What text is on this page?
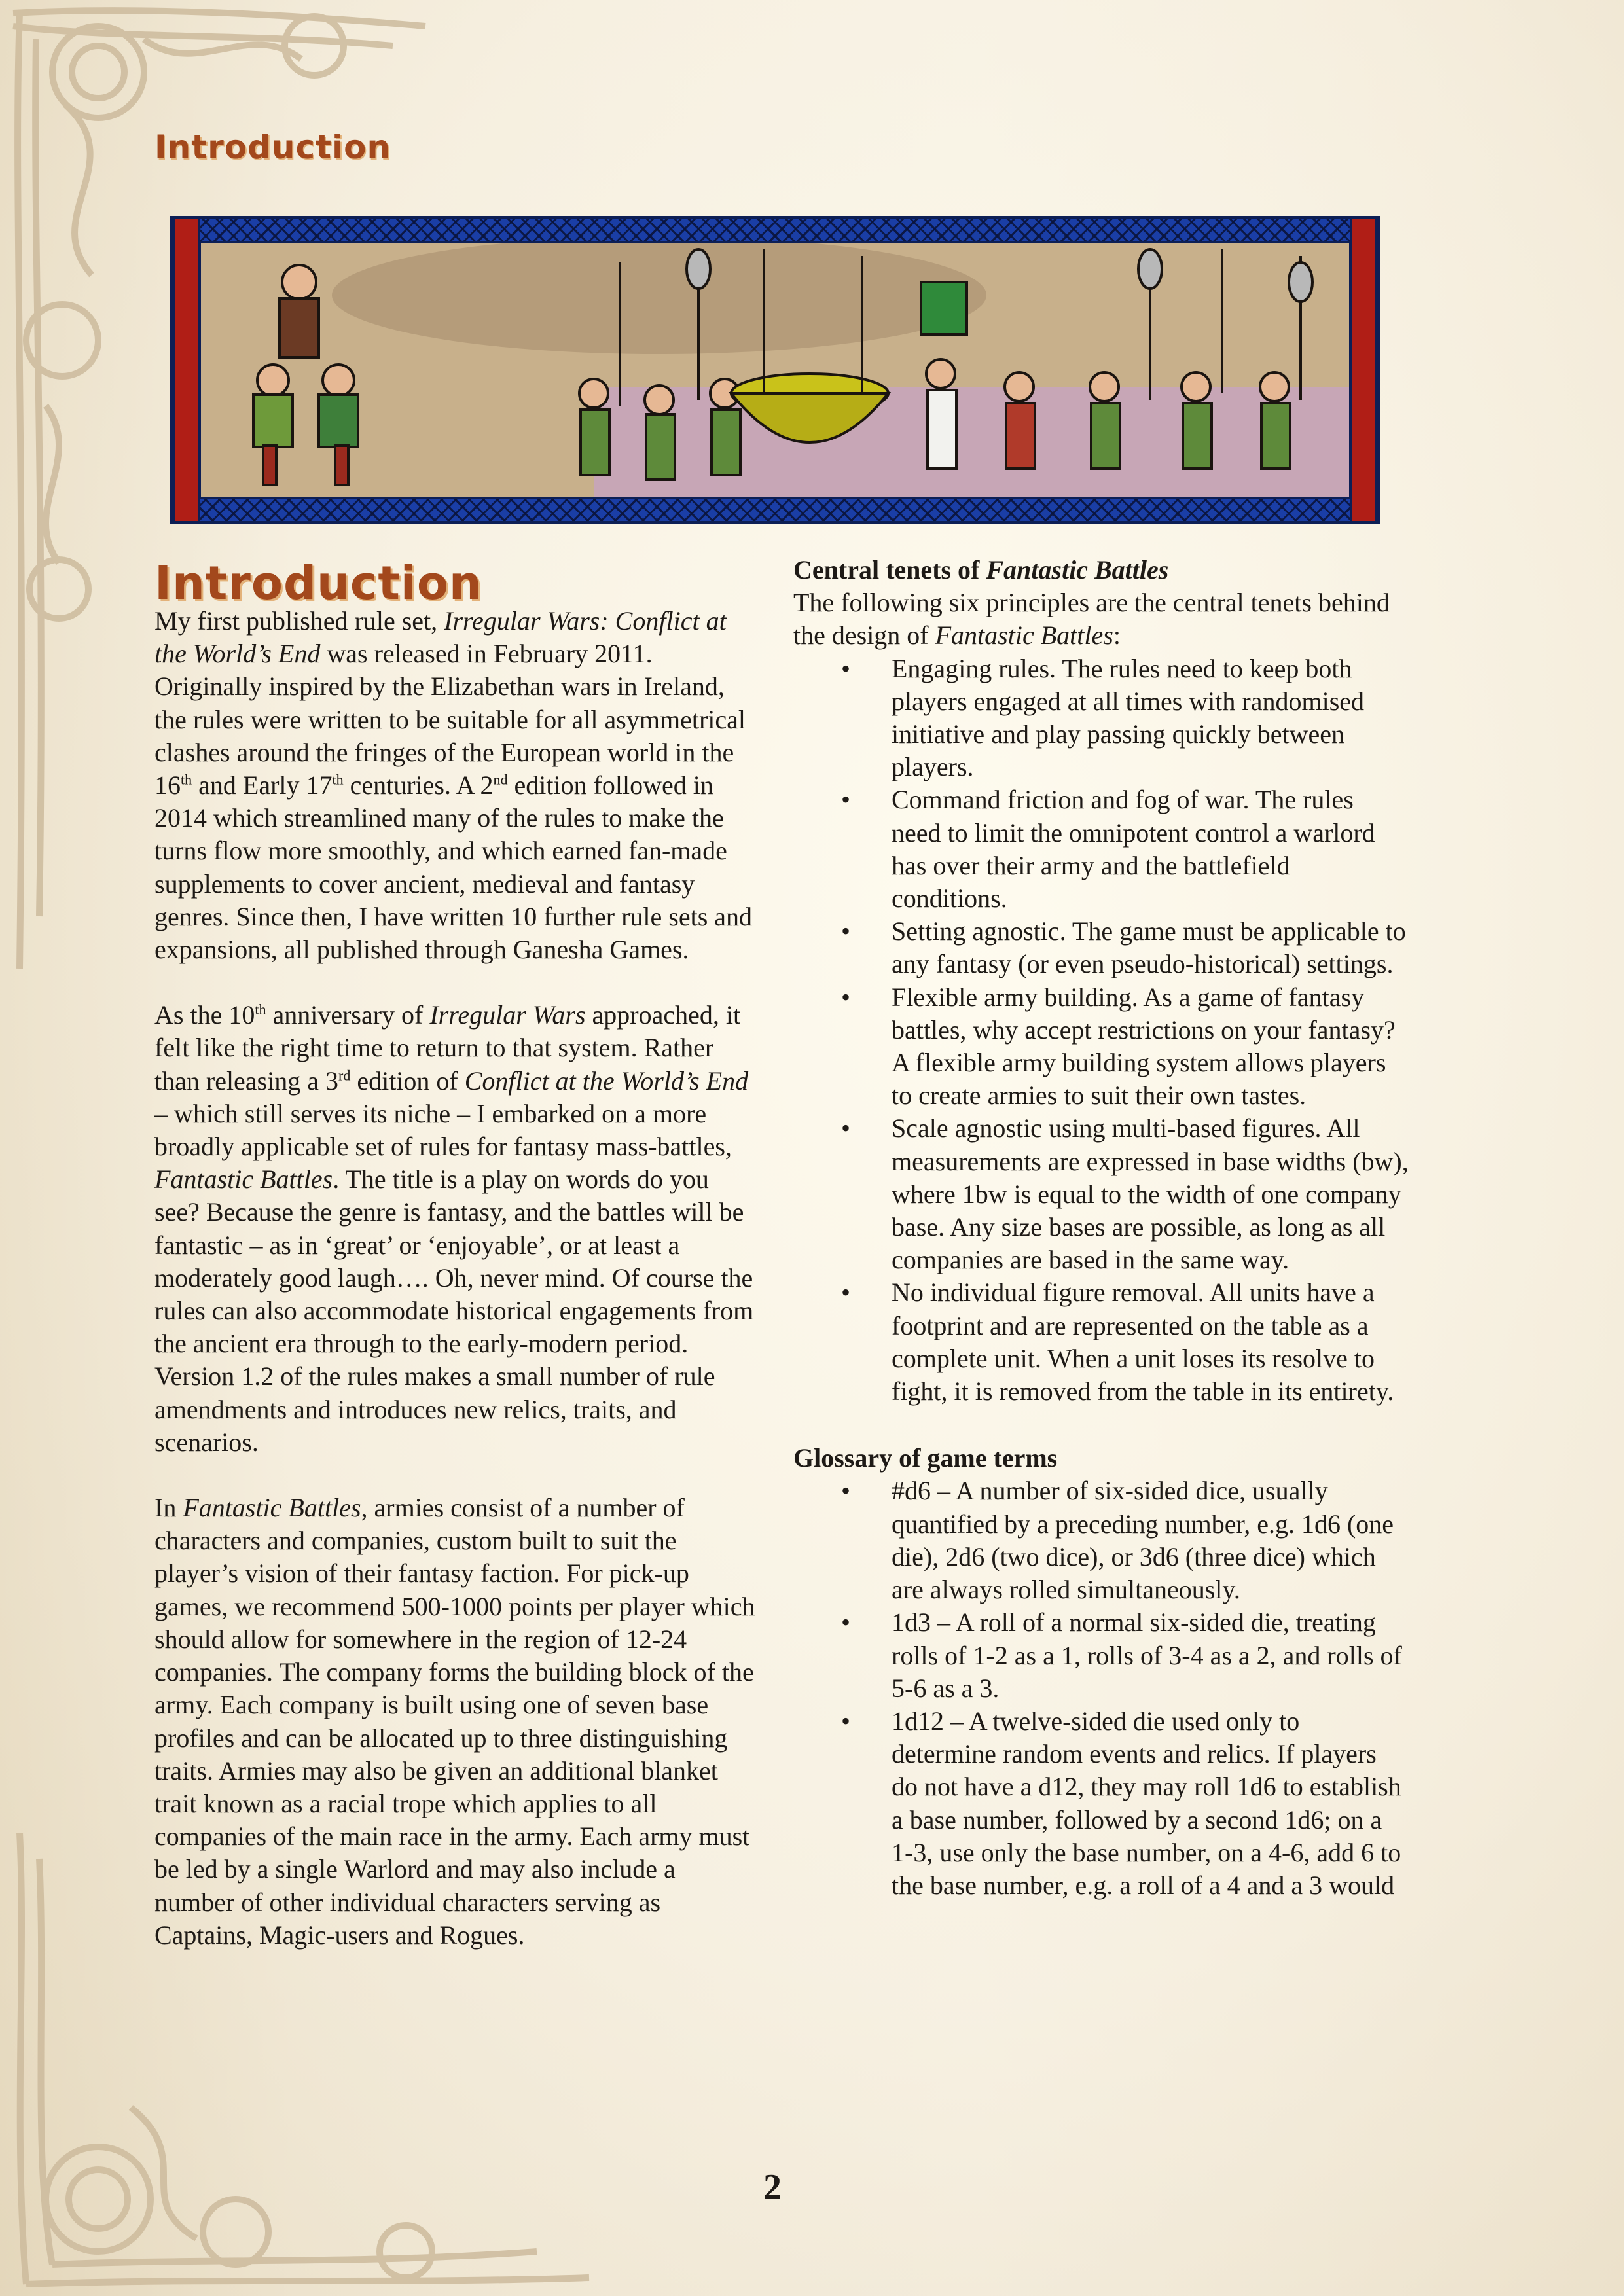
Introduction
Introduction

My first published rule set, Irregular Wars: Conflict at the World’s End was released in February 2011. Originally inspired by the Elizabethan wars in Ireland, the rules were written to be suitable for all asymmetrical clashes around the fringes of the European world in the 16th and Early 17th centuries. A 2nd edition followed in 2014 which streamlined many of the rules to make the turns flow more smoothly, and which earned fan-made supplements to cover ancient, medieval and fantasy genres. Since then, I have written 10 further rule sets and expansions, all published through Ganesha Games.

As the 10th anniversary of Irregular Wars approached, it felt like the right time to return to that system. Rather than releasing a 3rd edition of Conflict at the World’s End – which still serves its niche – I embarked on a more broadly applicable set of rules for fantasy mass-battles, Fantastic Battles. The title is a play on words do you see? Because the genre is fantasy, and the battles will be fantastic – as in ‘great’ or ‘enjoyable’, or at least a moderately good laugh…. Oh, never mind. Of course the rules can also accommodate historical engagements from the ancient era through to the early-modern period. Version 1.2 of the rules makes a small number of rule amendments and introduces new relics, traits, and scenarios.

In Fantastic Battles, armies consist of a number of characters and companies, custom built to suit the player’s vision of their fantasy faction. For pick-up games, we recommend 500-1000 points per player which should allow for somewhere in the region of 12-24 companies. The company forms the building block of the army. Each company is built using one of seven base profiles and can be allocated up to three distinguishing traits. Armies may also be given an additional blanket trait known as a racial trope which applies to all companies of the main race in the army. Each army must be led by a single Warlord and may also include a number of other individual characters serving as Captains, Magic-users and Rogues.

Central tenets of Fantastic Battles

The following six principles are the central tenets behind the design of Fantastic Battles:

• Engaging rules. The rules need to keep both players engaged at all times with randomised initiative and play passing quickly between players.
• Command friction and fog of war. The rules need to limit the omnipotent control a warlord has over their army and the battlefield conditions.
• Setting agnostic. The game must be applicable to any fantasy (or even pseudo-historical) settings.
• Flexible army building. As a game of fantasy battles, why accept restrictions on your fantasy? A flexible army building system allows players to create armies to suit their own tastes.
• Scale agnostic using multi-based figures. All measurements are expressed in base widths (bw), where 1bw is equal to the width of one company base. Any size bases are possible, as long as all companies are based in the same way.
• No individual figure removal. All units have a footprint and are represented on the table as a complete unit. When a unit loses its resolve to fight, it is removed from the table in its entirety.

Glossary of game terms

• #d6 – A number of six-sided dice, usually quantified by a preceding number, e.g. 1d6 (one die), 2d6 (two dice), or 3d6 (three dice) which are always rolled simultaneously.
• 1d3 – A roll of a normal six-sided die, treating rolls of 1-2 as a 1, rolls of 3-4 as a 2, and rolls of 5-6 as a 3.
• 1d12 – A twelve-sided die used only to determine random events and relics. If players do not have a d12, they may roll 1d6 to establish a base number, followed by a second 1d6; on a 1-3, use only the base number, on a 4-6, add 6 to the base number, e.g. a roll of a 4 and a 3 would
2
